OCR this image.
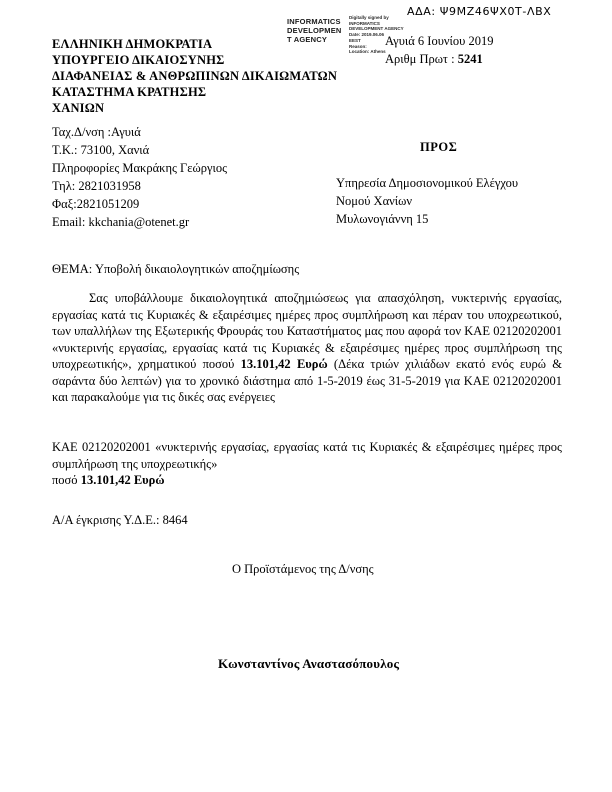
ΑΔΑ: Ψ9ΜΖ46ΨΧ0Τ-ΛΒΧ
INFORMATICS
DEVELOPMEN
T AGENCY
Digitally signed by
INFORMATICS
DEVELOPMENT AGENCY
Date: 2019.06.06
EEST
Reason:
Location: Athens
ΕΛΛΗΝΙΚΗ ΔΗΜΟΚΡΑΤΙΑ
ΥΠΟΥΡΓΕΙΟ ΔΙΚΑΙΟΣΥΝΗΣ
ΔΙΑΦΑΝΕΙΑΣ & ΑΝΘΡΩΠΙΝΩΝ ΔΙΚΑΙΩΜΑΤΩΝ
ΚΑΤΑΣΤΗΜΑ ΚΡΑΤΗΣΗΣ
ΧΑΝΙΩΝ
Αγυιά 6 Ιουνίου 2019
Αριθμ Πρωτ : 5241
Ταχ.Δ/νση :Αγυιά
Τ.Κ.: 73100, Χανιά
Πληροφορίες Μακράκης Γεώργιος
Τηλ: 2821031958
Φαξ:2821051209
Email: kkchania@otenet.gr
ΠΡΟΣ
Υπηρεσία Δημοσιονομικού Ελέγχου
Νομού Χανίων
Μυλωνογιάννη 15
ΘΕΜΑ: Υποβολή δικαιολογητικών αποζημίωσης
Σας υποβάλλουμε δικαιολογητικά αποζημιώσεως για απασχόληση, νυκτερινής εργασίας, εργασίας κατά τις Κυριακές & εξαιρέσιμες ημέρες προς συμπλήρωση και πέραν του υποχρεωτικού, των υπαλλήλων της Εξωτερικής Φρουράς του Καταστήματος μας που αφορά τον ΚΑΕ 02120202001 «νυκτερινής εργασίας, εργασίας κατά τις Κυριακές & εξαιρέσιμες ημέρες προς συμπλήρωση της υποχρεωτικής», χρηματικού ποσού 13.101,42 Ευρώ (Δέκα τριών χιλιάδων εκατό ενός ευρώ & σαράντα δύο λεπτών) για το χρονικό διάστημα από 1-5-2019 έως 31-5-2019 για ΚΑΕ 02120202001 και παρακαλούμε για τις δικές σας ενέργειες
ΚΑΕ 02120202001 «νυκτερινής εργασίας, εργασίας κατά τις Κυριακές & εξαιρέσιμες ημέρες προς συμπλήρωση της υποχρεωτικής»
ποσό 13.101,42 Ευρώ
Α/Α έγκρισης Υ.Δ.Ε.: 8464
Ο Προϊστάμενος της Δ/νσης
Κωνσταντίνος Αναστασόπουλος
